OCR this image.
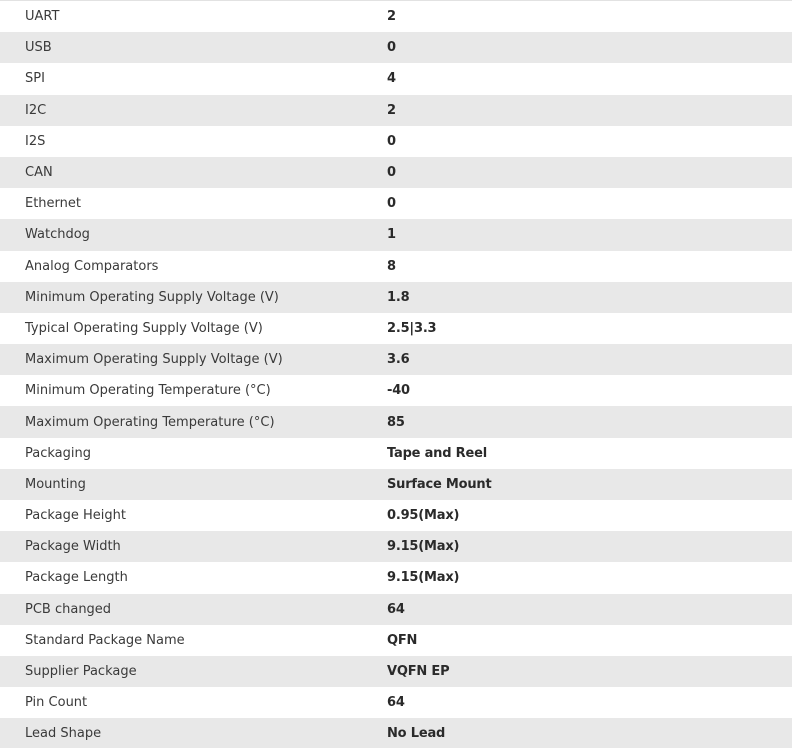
UART	2
USB	0
SPI	4
I2C	2
I2S	0
CAN	0
Ethernet	0
Watchdog	1
Analog Comparators	8
Minimum Operating Supply Voltage (V)	1.8
Typical Operating Supply Voltage (V)	2.5|3.3
Maximum Operating Supply Voltage (V)	3.6
Minimum Operating Temperature (°C)	-40
Maximum Operating Temperature (°C)	85
Packaging	Tape and Reel
Mounting	Surface Mount
Package Height	0.95(Max)
Package Width	9.15(Max)
Package Length	9.15(Max)
PCB changed	64
Standard Package Name	QFN
Supplier Package	VQFN EP
Pin Count	64
Lead Shape	No Lead
